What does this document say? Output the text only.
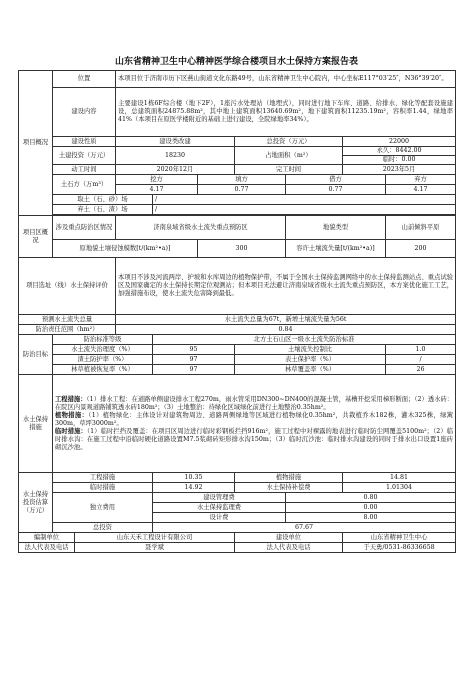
山东省精神卫生中心精神医学综合楼项目水土保持方案报告表
项目概况	位置		本项目位于济南市历下区燕山街道文化东路49号，山东省精神卫生中心院内，中心坐标E117°03′25″，N36°39′20″。						
	建设内容		主要建设1栋6F综合楼（地下2F），1座污水处理站（地埋式），同时进行地下车库、道路、给排水、绿化等配套设施建设，总建筑面积24875.88m²，其中地上建筑面积13640.69m²，地下建筑面积11235.19m²，容积率1.44，绿地率41%（本项目在原医学楼附近的基础上进行建设，全院绿地率34%）。						
	建设性质		建设类改建			总投资（万元）		22000	
	土建投资（万元）		18230			占地面积（m²）		永久：8442.00	
								临时：0.00	
	动工时间		2020年12月			完工时间		2023年5月	
	土石方（万m³）		挖方		填方		借方		弃方
			4.17		0.77		0.77		4.17
	取土（石、砂）场			/					
	弃土（石、渣）场			/					

项目区概况	涉及重点防治区情况		济南泉域省级水土流失重点预防区				地貌类型		山前倾斜平原
	原地貌土壤侵蚀模数[t/(km²•a)]				300		容许土壤流失量[t/(km²•a)]		200
项目选址（线）水土保持评价			本项目不涉及河流两岸、护坡和水库周边的植物保护带，不属于全国水土保持监测网络中的水土保持监测站点、重点试验区及国家确定的水土保持长期定位观测站；但本项目无法避让济南泉域省级水土流失重点预防区，本方案优化施工工艺，加强措施布设，使水土流失危害降到最低。						
预测水土流失总量			水土流失总量为67t，新增土壤流失量为56t						
防治责任范围（hm²）			0.84						
防治目标	防治标准等级			北方土石山区一级水土流失防治标准					
	水土流失治理度（%）			95		土壤流失控制比			1.0
	渣土防护率（%）			97		表土保护率（%）			/
	林草植被恢复率（%）			97		林草覆盖率（%）			26
水土保持措施	工程措施：（1）排水工程：在道路单侧建设排水工程270m，雨水管采用DN300~DN400的混凝土管，基槽开挖采用梯形断面；（2）透水砖：在院区内景观道路铺筑透水砖180m²；（3）土地整治：待绿化区域绿化前进行土地整治0.35hm²。
植物措施：（1）植物绿化：主体设计对建筑物周边、道路两侧绿地等区域进行植物绿化0.35hm²，共栽植乔木182株，灌木325株，绿篱300m，草坪3000m²。
临时措施：（1）临时拦挡及覆盖：在项目区周边进行临时彩钢板拦挡916m²，施工过程中对裸露的地表进行临时防尘网覆盖5100m²；（2）临时排水沟：在施工过程中沿临时硬化道路设置M7.5浆砌砖矩形排水沟150m；（3）临时沉沙池：临时排水沟建设的同时于排水出口设置1座砖砌沉沙池。								
水土保持投资估算（万元）	工程措施			10.35		植物措施		14.81	
	临时措施			14.92		水土保持补偿费		1.01304	
	独立费用			建设管理费			0.80		
				水土保持监理费			0.00		
				设计费			8.00		
	总投资			67.67					
编制单位		山东天禾工程设计有限公司				建设单位		山东省精神卫生中心	
法人代表及电话		聂学斌				法人代表及电话		于天勇/0531-86336658	
